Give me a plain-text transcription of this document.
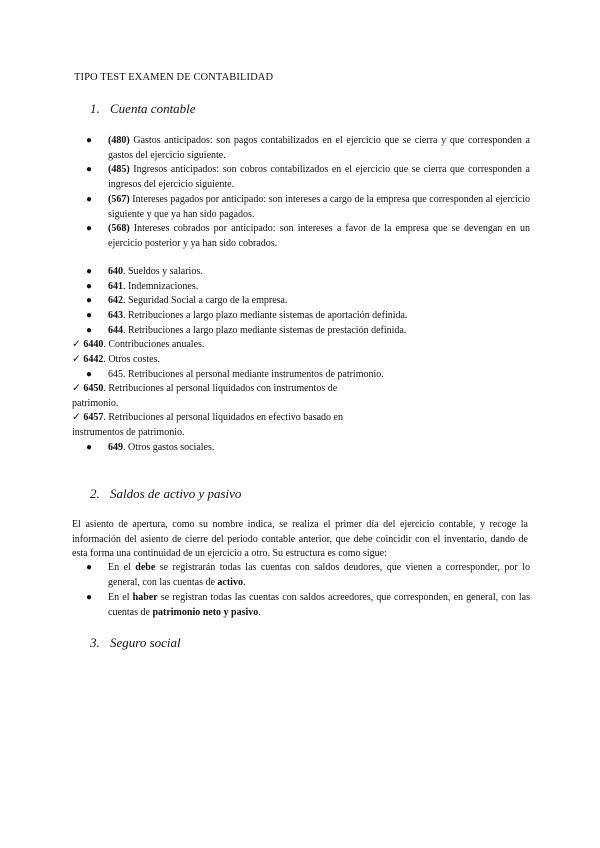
TIPO TEST EXAMEN DE CONTABILIDAD
1. Cuenta contable
● (480) Gastos anticipados: son pagos contabilizados en el ejercicio que se cierra y que corresponden a gastos del ejercicio siguiente.
● (485) Ingresos anticipados: son cobros contabilizados en el ejercicio que se cierra que corresponden a ingresos del ejercicio siguiente.
● (567) Intereses pagados por anticipado: son intereses a cargo de la empresa que corresponden al ejercicio siguiente y que ya han sido pagados.
● (568) Intereses cobrados por anticipado: son intereses a favor de la empresa que se devengan en un ejercicio posterior y ya han sido cobrados.
● 640. Sueldos y salarios.
● 641. Indemnizaciones.
● 642. Seguridad Social a cargo de la empresa.
● 643. Retribuciones a largo plazo mediante sistemas de aportación definida.
● 644. Retribuciones a largo plazo mediante sistemas de prestación definida.
✓ 6440. Contribuciones anuales.
✓ 6442. Otros costes.
● 645. Retribuciones al personal mediante instrumentos de patrimonio.
✓ 6450. Retribuciones al personal liquidados con instrumentos de patrimonio.
✓ 6457. Retribuciones al personal liquidados en efectivo basado en instrumentos de patrimonio.
● 649. Otros gastos sociales.
2. Saldos de activo y pasivo
El asiento de apertura, como su nombre indica, se realiza el primer día del ejercicio contable, y recoge la información del asiento de cierre del periodo contable anterior, que debe coincidir con el inventario, dando de esta forma una continuidad de un ejercicio a otro. Su estructura es como sigue:
● En el debe se registrarán todas las cuentas con saldos deudores, que vienen a corresponder, por lo general, con las cuentas de activo.
● En el haber se registran todas las cuentas con saldos acreedores, que corresponden, en general, con las cuentas de patrimonio neto y pasivo.
3. Seguro social
